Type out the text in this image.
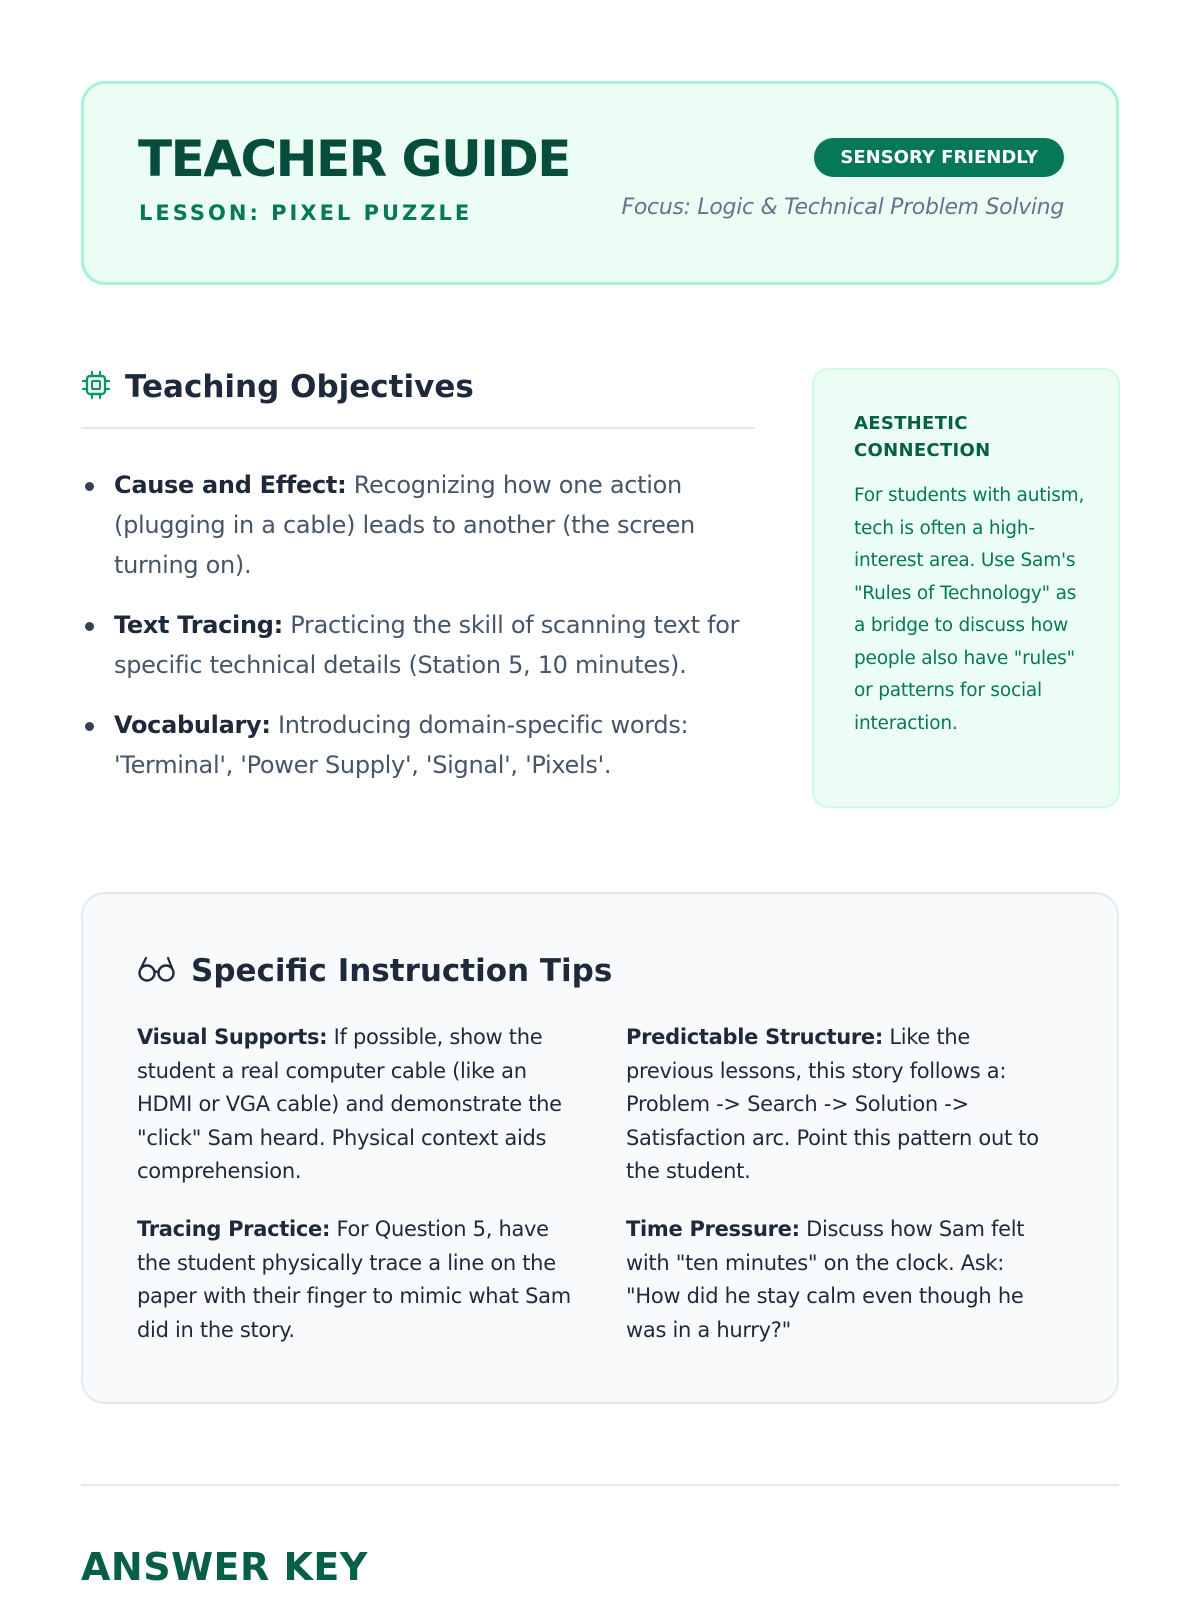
TEACHER GUIDE
LESSON: PIXEL PUZZLE
SENSORY FRIENDLY
Focus: Logic & Technical Problem Solving
Teaching Objectives
Cause and Effect: Recognizing how one action (plugging in a cable) leads to another (the screen turning on).
Text Tracing: Practicing the skill of scanning text for specific technical details (Station 5, 10 minutes).
Vocabulary: Introducing domain-specific words: 'Terminal', 'Power Supply', 'Signal', 'Pixels'.
AESTHETIC
CONNECTION
For students with autism, tech is often a high-interest area. Use Sam's "Rules of Technology" as a bridge to discuss how people also have "rules" or patterns for social interaction.
Specific Instruction Tips
Visual Supports: If possible, show the student a real computer cable (like an HDMI or VGA cable) and demonstrate the "click" Sam heard. Physical context aids comprehension.
Predictable Structure: Like the previous lessons, this story follows a: Problem -> Search -> Solution -> Satisfaction arc. Point this pattern out to the student.
Tracing Practice: For Question 5, have the student physically trace a line on the paper with their finger to mimic what Sam did in the story.
Time Pressure: Discuss how Sam felt with "ten minutes" on the clock. Ask: "How did he stay calm even though he was in a hurry?"
ANSWER KEY
